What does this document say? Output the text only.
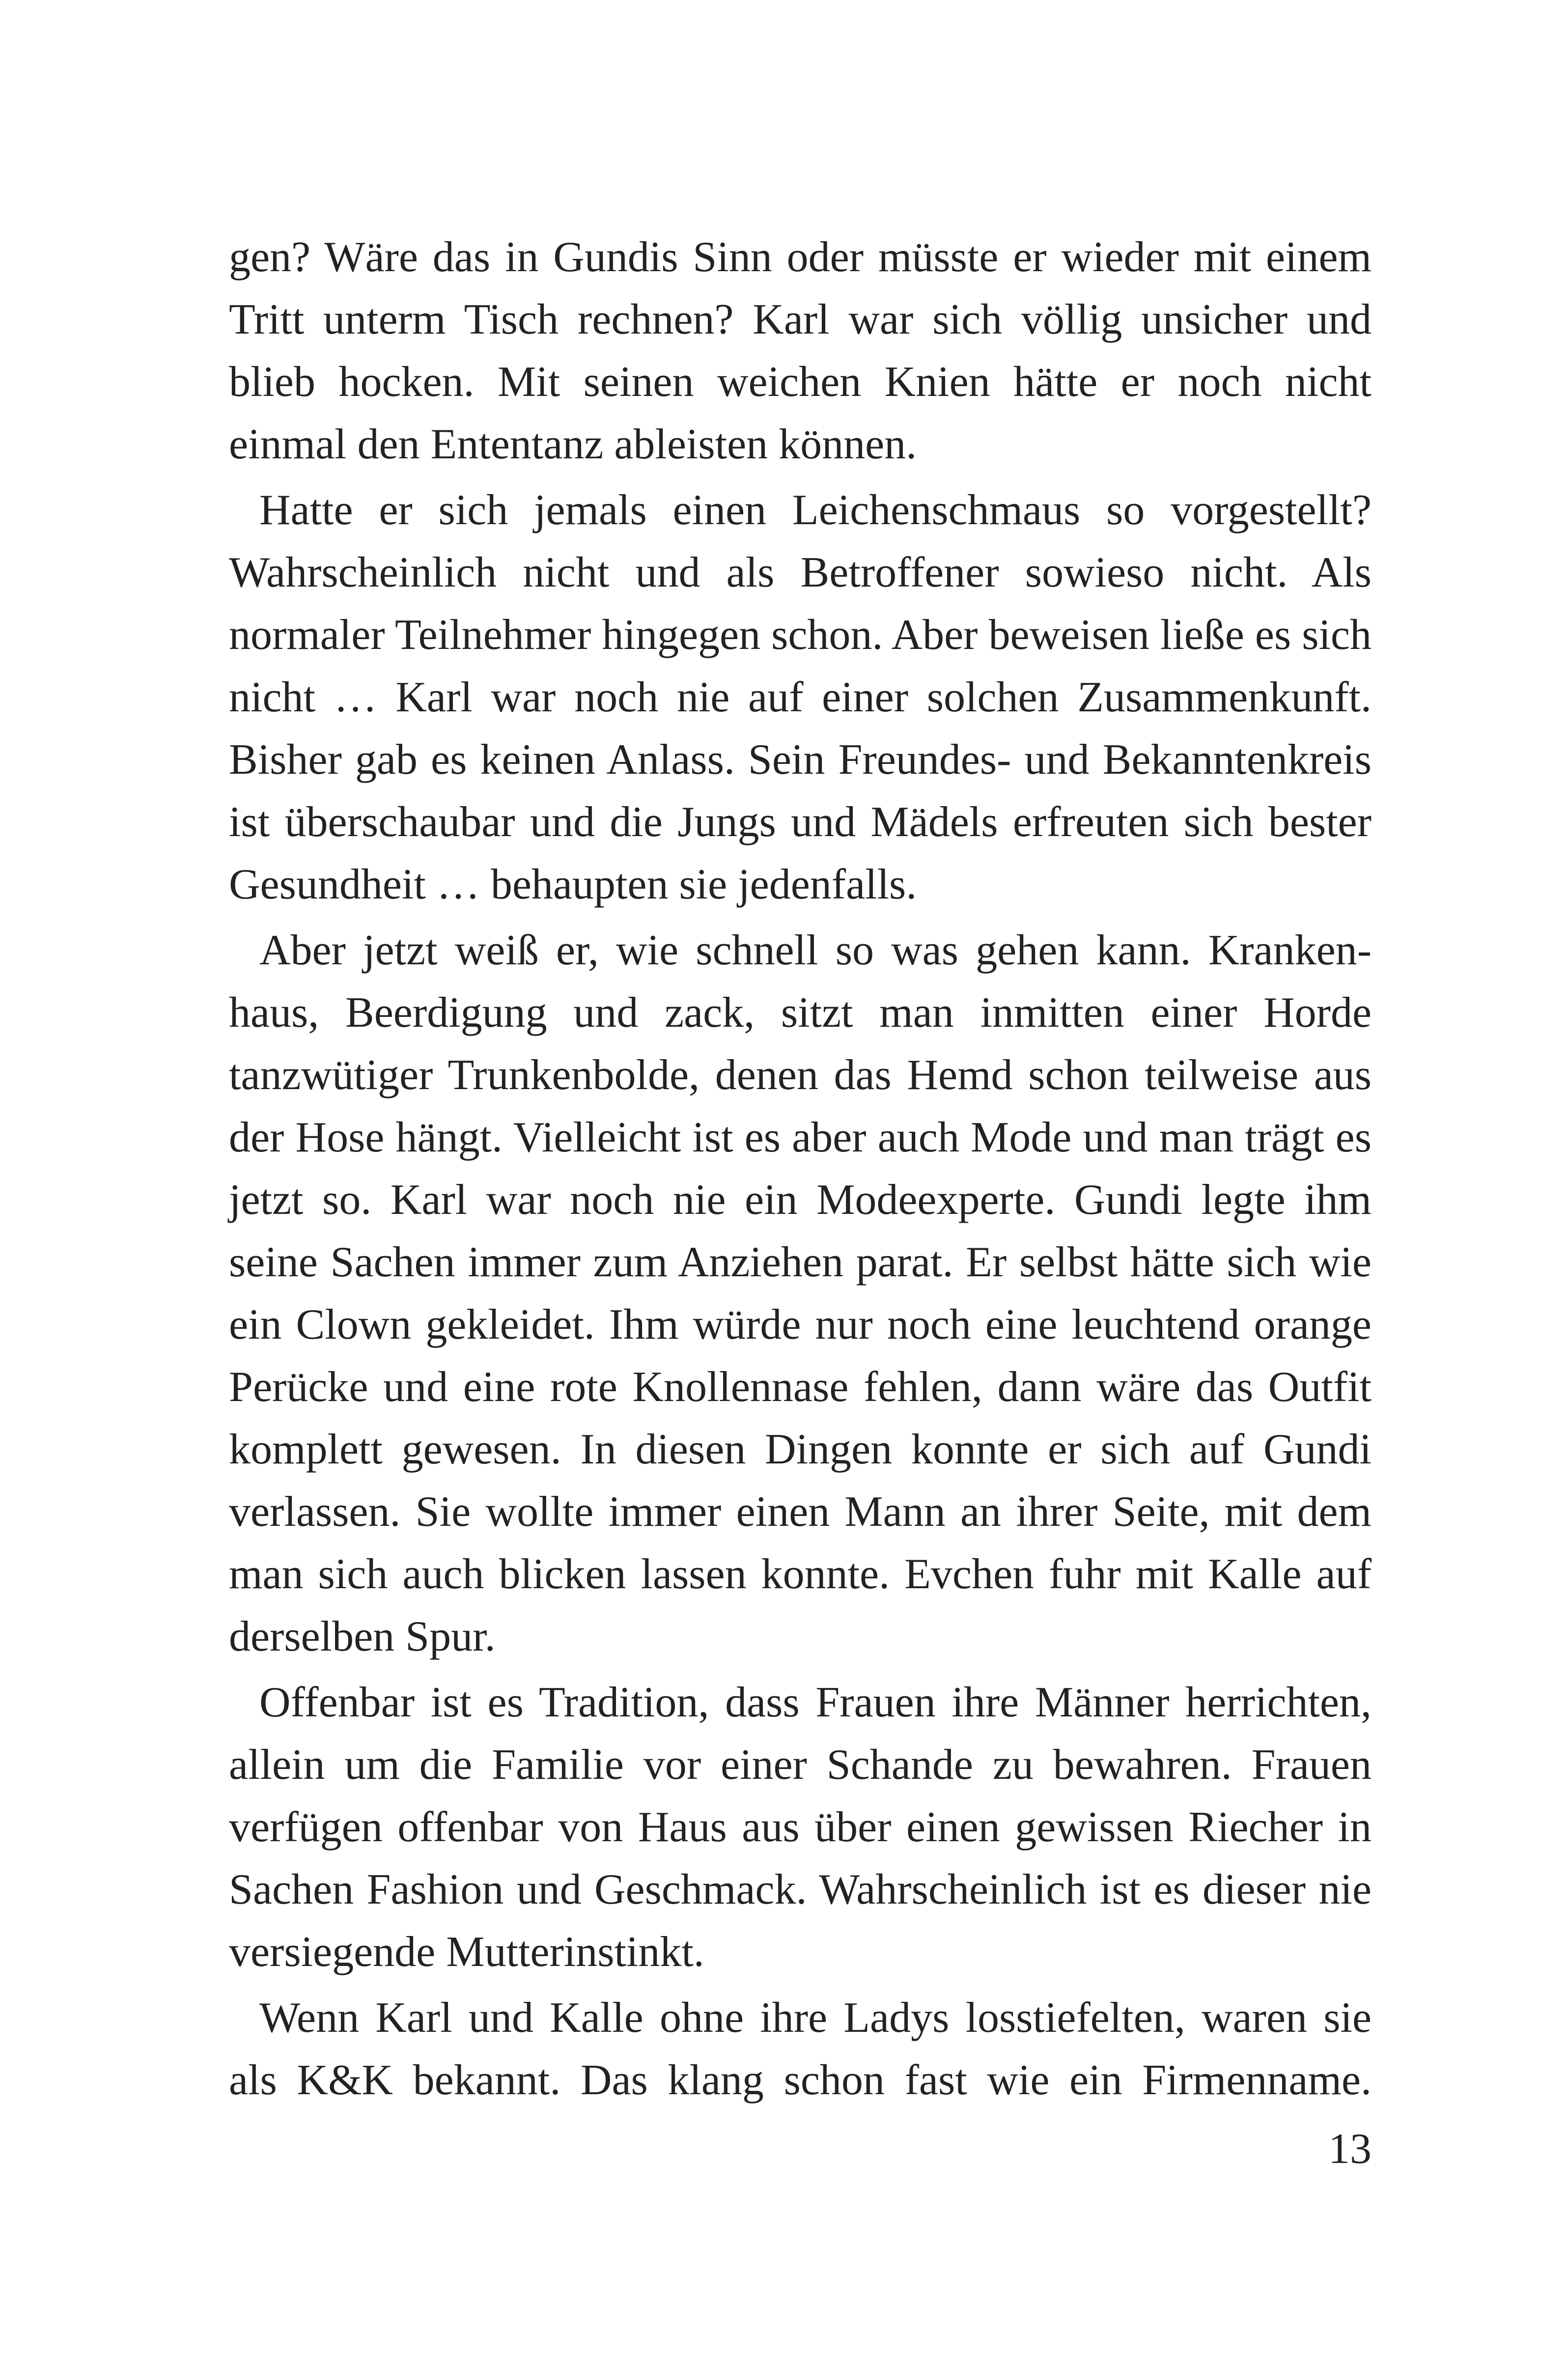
gen? Wäre das in Gundis Sinn oder müsste er wieder mit einem Tritt unterm Tisch rechnen? Karl war sich völlig unsicher und blieb hocken. Mit seinen weichen Knien hätte er noch nicht einmal den Ententanz ableisten können.

Hatte er sich jemals einen Leichenschmaus so vorgestellt? Wahrscheinlich nicht und als Betroffener sowieso nicht. Als normaler Teilnehmer hingegen schon. Aber beweisen ließe es sich nicht … Karl war noch nie auf einer solchen Zusammenkunft. Bisher gab es keinen Anlass. Sein Freundes- und Bekanntenkreis ist überschaubar und die Jungs und Mädels erfreuten sich bester Gesundheit … behaupten sie jedenfalls.

Aber jetzt weiß er, wie schnell so was gehen kann. Krankenhaus, Beerdigung und zack, sitzt man inmitten einer Horde tanzwütiger Trunkenbolde, denen das Hemd schon teilweise aus der Hose hängt. Vielleicht ist es aber auch Mode und man trägt es jetzt so. Karl war noch nie ein Modeexperte. Gundi legte ihm seine Sachen immer zum Anziehen parat. Er selbst hätte sich wie ein Clown gekleidet. Ihm würde nur noch eine leuchtend orange Perücke und eine rote Knollennase fehlen, dann wäre das Outfit komplett gewesen. In diesen Dingen konnte er sich auf Gundi verlassen. Sie wollte immer einen Mann an ihrer Seite, mit dem man sich auch blicken lassen konnte. Evchen fuhr mit Kalle auf derselben Spur.

Offenbar ist es Tradition, dass Frauen ihre Männer herrichten, allein um die Familie vor einer Schande zu bewahren. Frauen verfügen offenbar von Haus aus über einen gewissen Riecher in Sachen Fashion und Geschmack. Wahrscheinlich ist es dieser nie versiegende Mutterinstinkt.

Wenn Karl und Kalle ohne ihre Ladys losstiefelten, waren sie als K&K bekannt. Das klang schon fast wie ein Firmenname.

13
